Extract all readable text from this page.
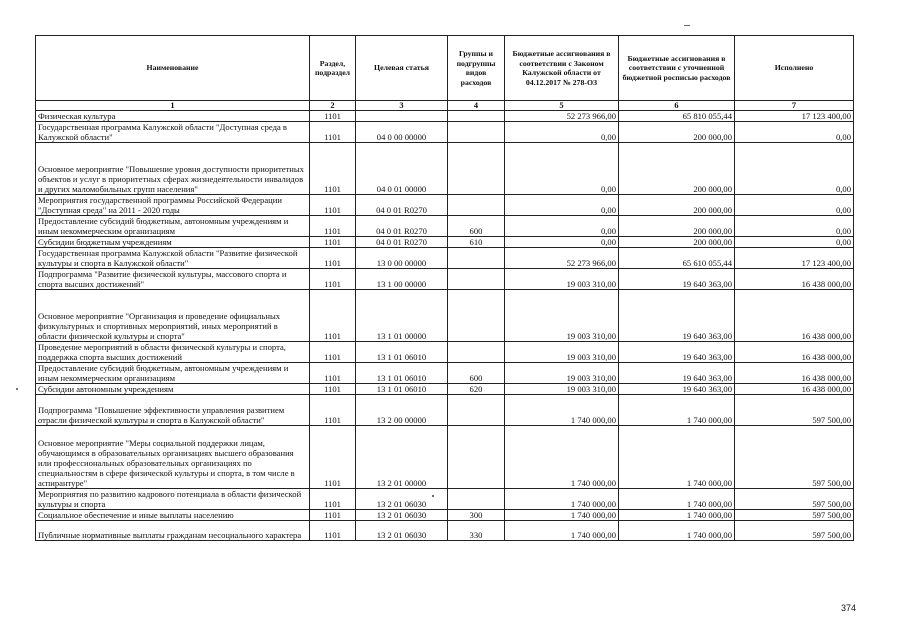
Наименование	Раздел, подраздел	Целевая статья	Группы и подгруппы видов расходов	Бюджетные ассигнования в соответствии с Законом Калужской области от 04.12.2017 № 278-ОЗ	Бюджетные ассигнования в соответствии с уточненной бюджетной росписью расходов	Исполнено
1	2	3	4	5	6	7
Физическая культура	1101			52 273 966,00	65 810 055,44	17 123 400,00
Государственная программа Калужской области "Доступная среда в Калужской области"	1101	04 0 00 00000		0,00	200 000,00	0,00
Основное мероприятие "Повышение уровня доступности приоритетных объектов и услуг в приоритетных сферах жизнедеятельности инвалидов и других маломобильных групп населения"	1101	04 0 01 00000		0,00	200 000,00	0,00
Мероприятия государственной программы Российской Федерации "Доступная среда" на 2011 - 2020 годы	1101	04 0 01 R0270		0,00	200 000,00	0,00
Предоставление субсидий бюджетным, автономным учреждениям и иным некоммерческим организациям	1101	04 0 01 R0270	600	0,00	200 000,00	0,00
Субсидии бюджетным учреждениям	1101	04 0 01 R0270	610	0,00	200 000,00	0,00
Государственная программа Калужской области "Развитие физической культуры и спорта в Калужской области"	1101	13 0 00 00000		52 273 966,00	65 610 055,44	17 123 400,00
Подпрограмма "Развитие физической культуры, массового спорта и спорта высших достижений"	1101	13 1 00 00000		19 003 310,00	19 640 363,00	16 438 000,00
Основное мероприятие "Организация и проведение официальных физкультурных и спортивных мероприятий, иных мероприятий в области физической культуры и спорта"	1101	13 1 01 00000		19 003 310,00	19 640 363,00	16 438 000,00
Проведение мероприятий в области физической культуры и спорта, поддержка спорта высших достижений	1101	13 1 01 06010		19 003 310,00	19 640 363,00	16 438 000,00
Предоставление субсидий бюджетным, автономным учреждениям и иным некоммерческим организациям	1101	13 1 01 06010	600	19 003 310,00	19 640 363,00	16 438 000,00
Субсидии автономным учреждениям	1101	13 1 01 06010	620	19 003 310,00	19 640 363,00	16 438 000,00
Подпрограмма "Повышение эффективности управления развитием отрасли физической культуры и спорта в Калужской области"	1101	13 2 00 00000		1 740 000,00	1 740 000,00	597 500,00
Основное мероприятие "Меры социальной поддержки лицам, обучающимся в образовательных организациях высшего образования или профессиональных образовательных организациях по специальностям в сфере физической культуры и спорта, в том числе в аспирантуре"	1101	13 2 01 00000		1 740 000,00	1 740 000,00	597 500,00
Мероприятия по развитию кадрового потенциала в области физической культуры и спорта	1101	13 2 01 06030		1 740 000,00	1 740 000,00	597 500,00
Социальное обеспечение и иные выплаты населению	1101	13 2 01 06030	300	1 740 000,00	1 740 000,00	597 500,00
Публичные нормативные выплаты гражданам несоциального характера	1101	13 2 01 06030	330	1 740 000,00	1 740 000,00	597 500,00
374
